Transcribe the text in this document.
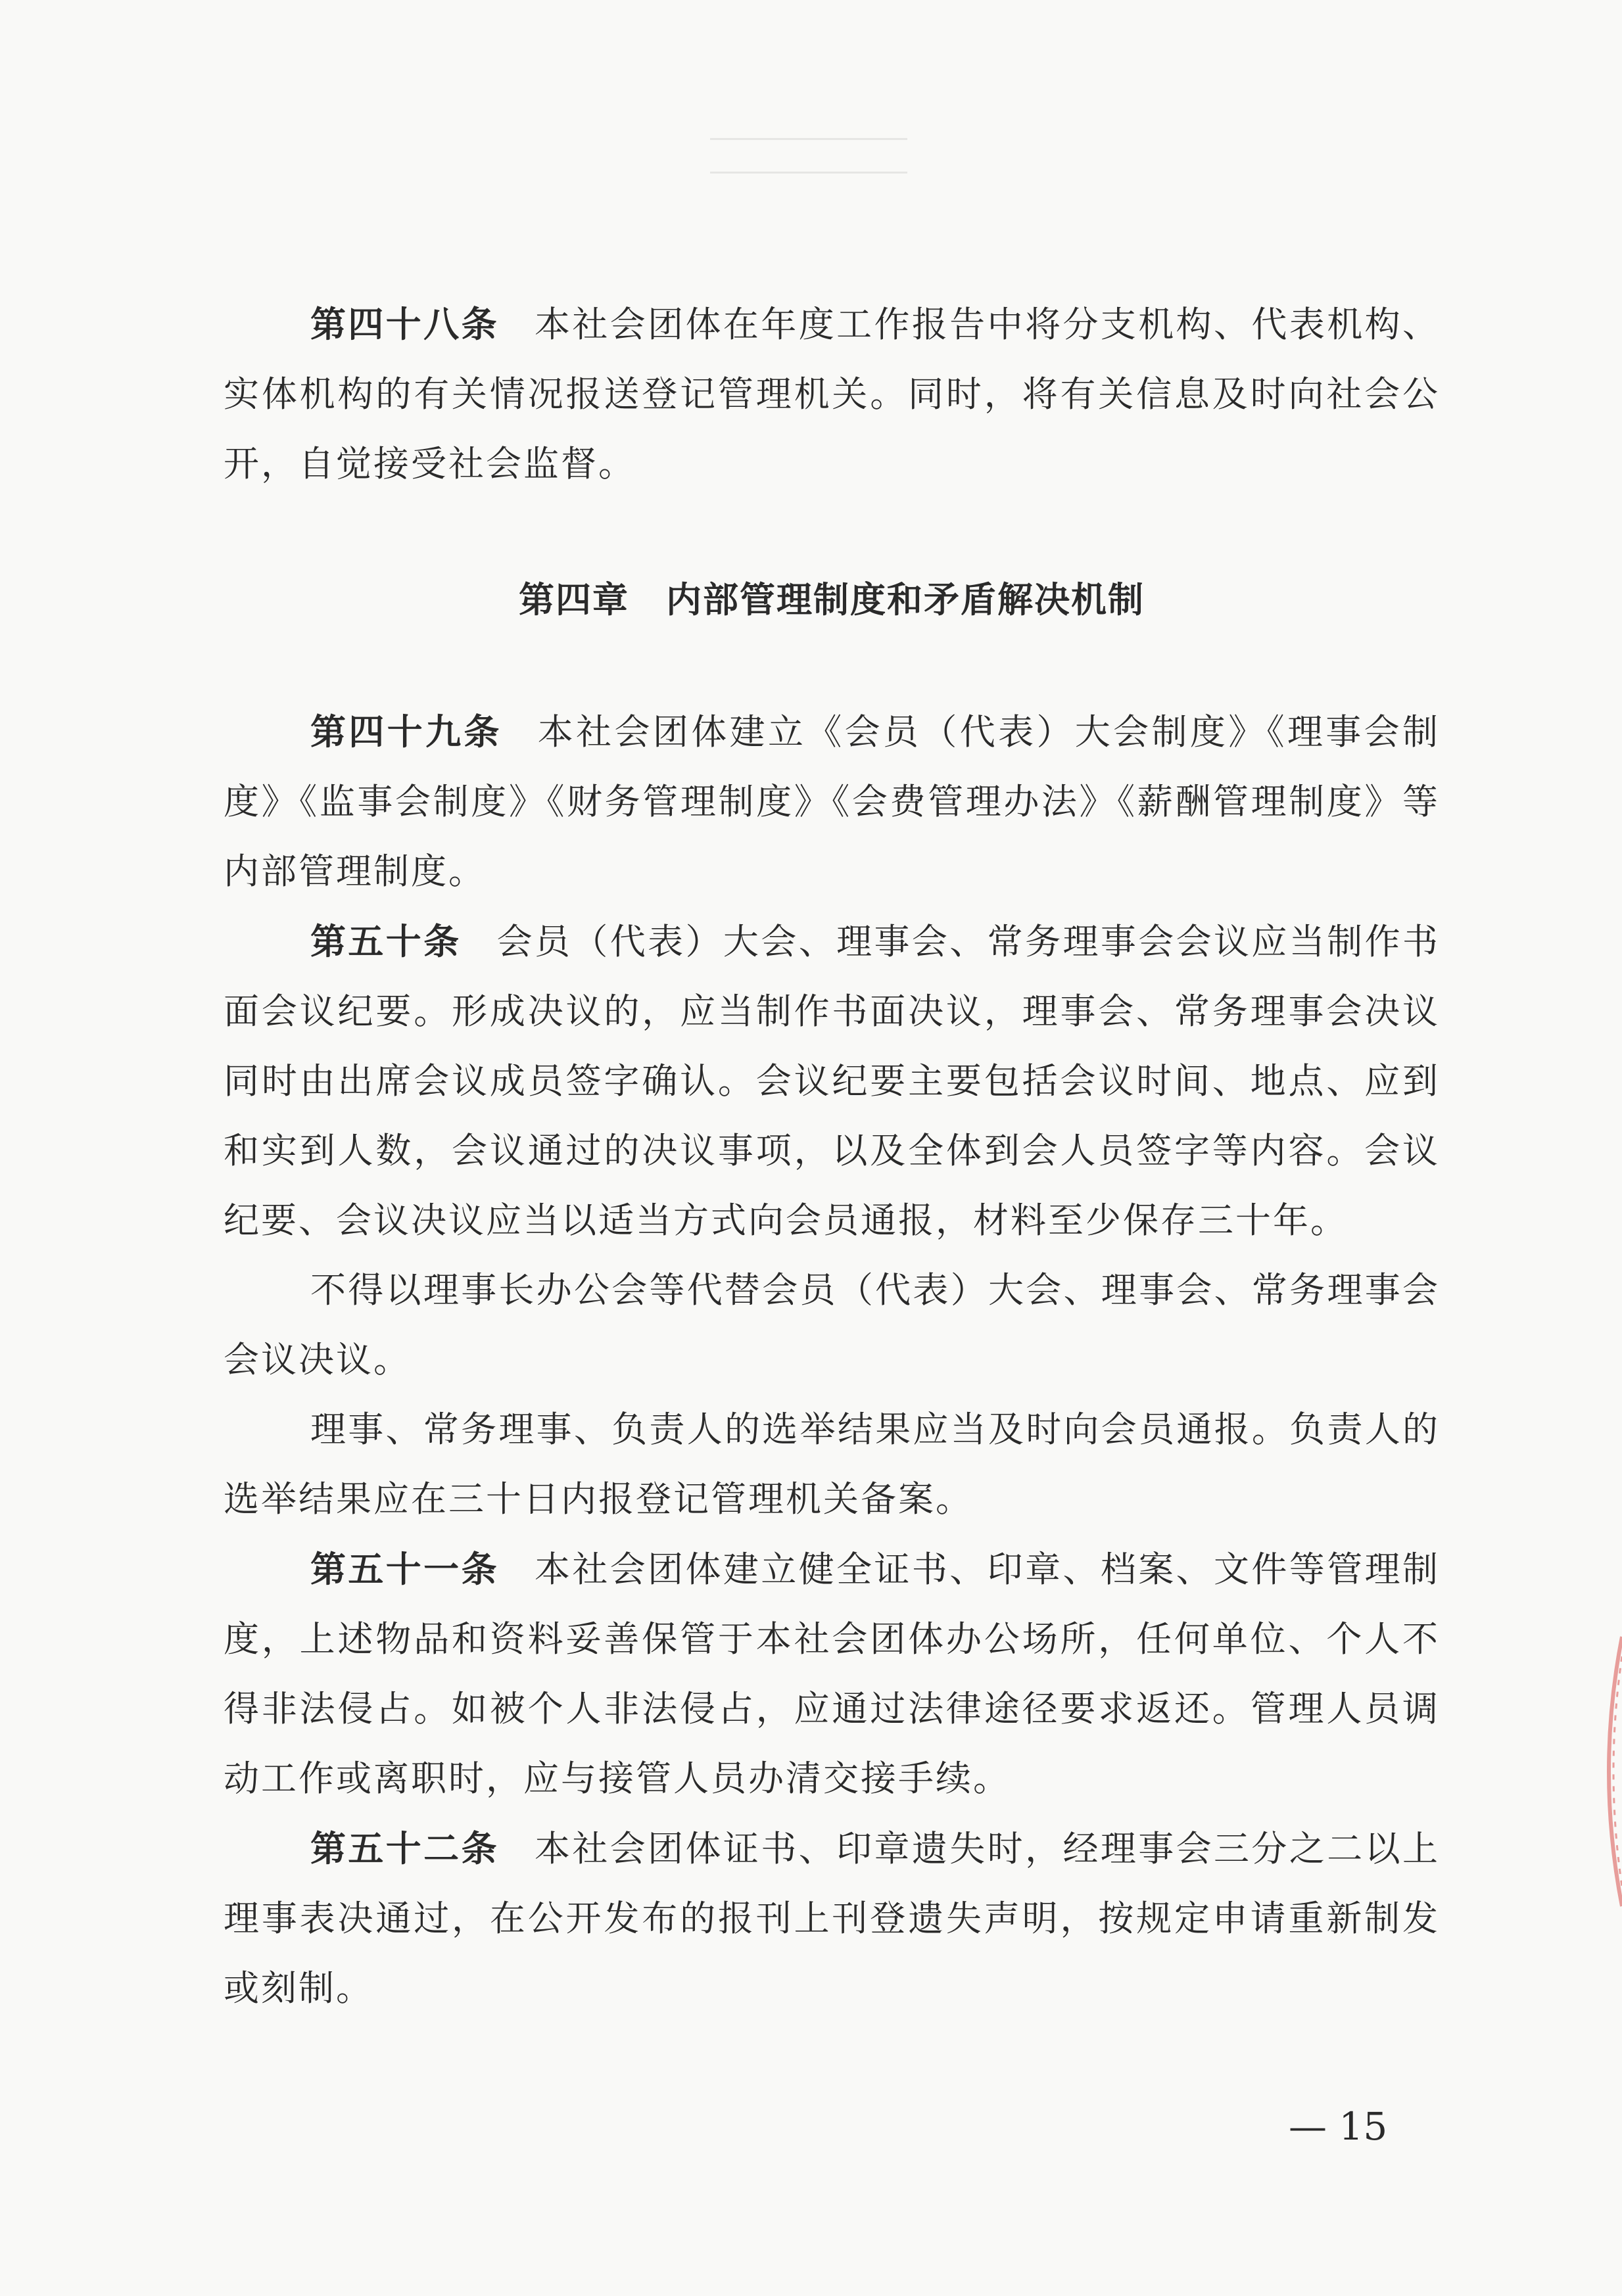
第四十八条 本社会团体在年度工作报告中将分支机构、代表机构、实体机构的有关情况报送登记管理机关。同时，将有关信息及时向社会公开，自觉接受社会监督。

第四章　内部管理制度和矛盾解决机制

第四十九条 本社会团体建立《会员（代表）大会制度》《理事会制度》《监事会制度》《财务管理制度》《会费管理办法》《薪酬管理制度》等内部管理制度。

第五十条 会员（代表）大会、理事会、常务理事会会议应当制作书面会议纪要。形成决议的，应当制作书面决议，理事会、常务理事会决议同时由出席会议成员签字确认。会议纪要主要包括会议时间、地点、应到和实到人数，会议通过的决议事项，以及全体到会人员签字等内容。会议纪要、会议决议应当以适当方式向会员通报，材料至少保存三十年。

不得以理事长办公会等代替会员（代表）大会、理事会、常务理事会会议决议。

理事、常务理事、负责人的选举结果应当及时向会员通报。负责人的选举结果应在三十日内报登记管理机关备案。

第五十一条 本社会团体建立健全证书、印章、档案、文件等管理制度，上述物品和资料妥善保管于本社会团体办公场所，任何单位、个人不得非法侵占。如被个人非法侵占，应通过法律途径要求返还。管理人员调动工作或离职时，应与接管人员办清交接手续。

第五十二条 本社会团体证书、印章遗失时，经理事会三分之二以上理事表决通过，在公开发布的报刊上刊登遗失声明，按规定申请重新制发或刻制。

— 15
